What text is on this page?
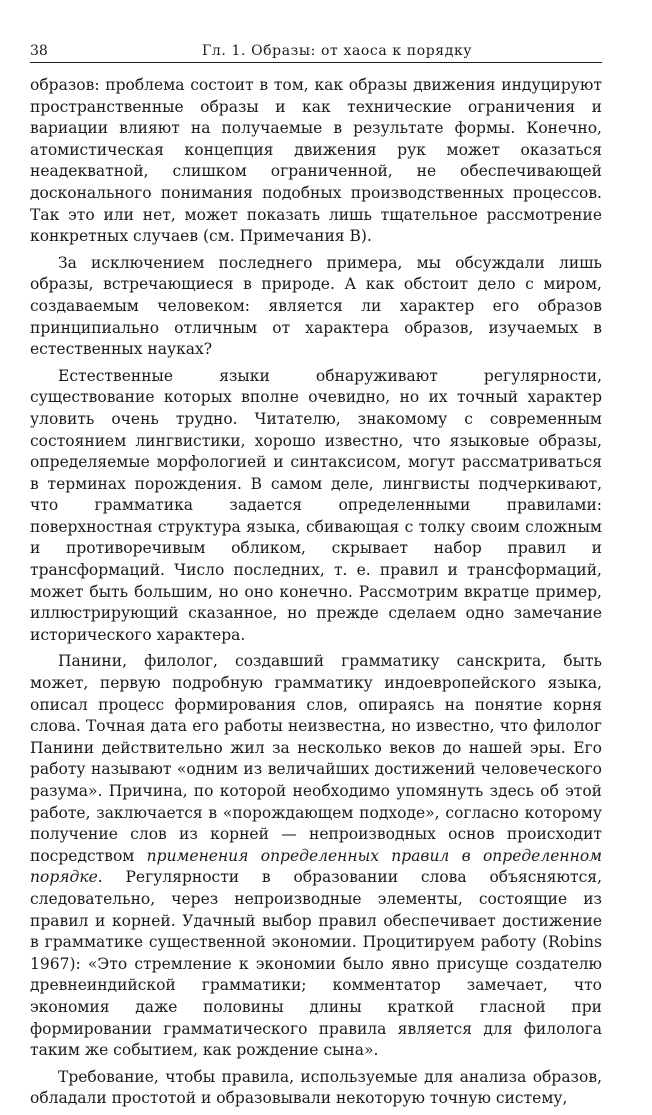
38	Гл. 1. Образы: от хаоса к порядку

образов: проблема состоит в том, как образы движения индуцируют пространственные образы и как технические ограничения и вариации влияют на получаемые в результате формы. Конечно, атомистическая концепция движения рук может оказаться неадекватной, слишком ограниченной, не обеспечивающей досконального понимания подобных производственных процессов. Так это или нет, может показать лишь тщательное рассмотрение конкретных случаев (см. Примечания В).

За исключением последнего примера, мы обсуждали лишь образы, встречающиеся в природе. А как обстоит дело с миром, создаваемым человеком: является ли характер его образов принципиально отличным от характера образов, изучаемых в естественных науках?

Естественные языки обнаруживают регулярности, существование которых вполне очевидно, но их точный характер уловить очень трудно. Читателю, знакомому с современным состоянием лингвистики, хорошо известно, что языковые образы, определяемые морфологией и синтаксисом, могут рассматриваться в терминах порождения. В самом деле, лингвисты подчеркивают, что грамматика задается определенными правилами: поверхностная структура языка, сбивающая с толку своим сложным и противоречивым обликом, скрывает набор правил и трансформаций. Число последних, т. е. правил и трансформаций, может быть большим, но оно конечно. Рассмотрим вкратце пример, иллюстрирующий сказанное, но прежде сделаем одно замечание исторического характера.

Панини, филолог, создавший грамматику санскрита, быть может, первую подробную грамматику индоевропейского языка, описал процесс формирования слов, опираясь на понятие корня слова. Точная дата его работы неизвестна, но известно, что филолог Панини действительно жил за несколько веков до нашей эры. Его работу называют «одним из величайших достижений человеческого разума». Причина, по которой необходимо упомянуть здесь об этой работе, заключается в «порождающем подходе», согласно которому получение слов из корней — непроизводных основ происходит посредством применения определенных правил в определенном порядке. Регулярности в образовании слова объясняются, следовательно, через непроизводные элементы, состоящие из правил и корней. Удачный выбор правил обеспечивает достижение в грамматике существенной экономии. Процитируем работу (Robins 1967): «Это стремление к экономии было явно присуще создателю древнеиндийской грамматики; комментатор замечает, что экономия даже половины длины краткой гласной при формировании грамматического правила является для филолога таким же событием, как рождение сына».

Требование, чтобы правила, используемые для анализа образов, обладали простотой и образовывали некоторую точную систему,
